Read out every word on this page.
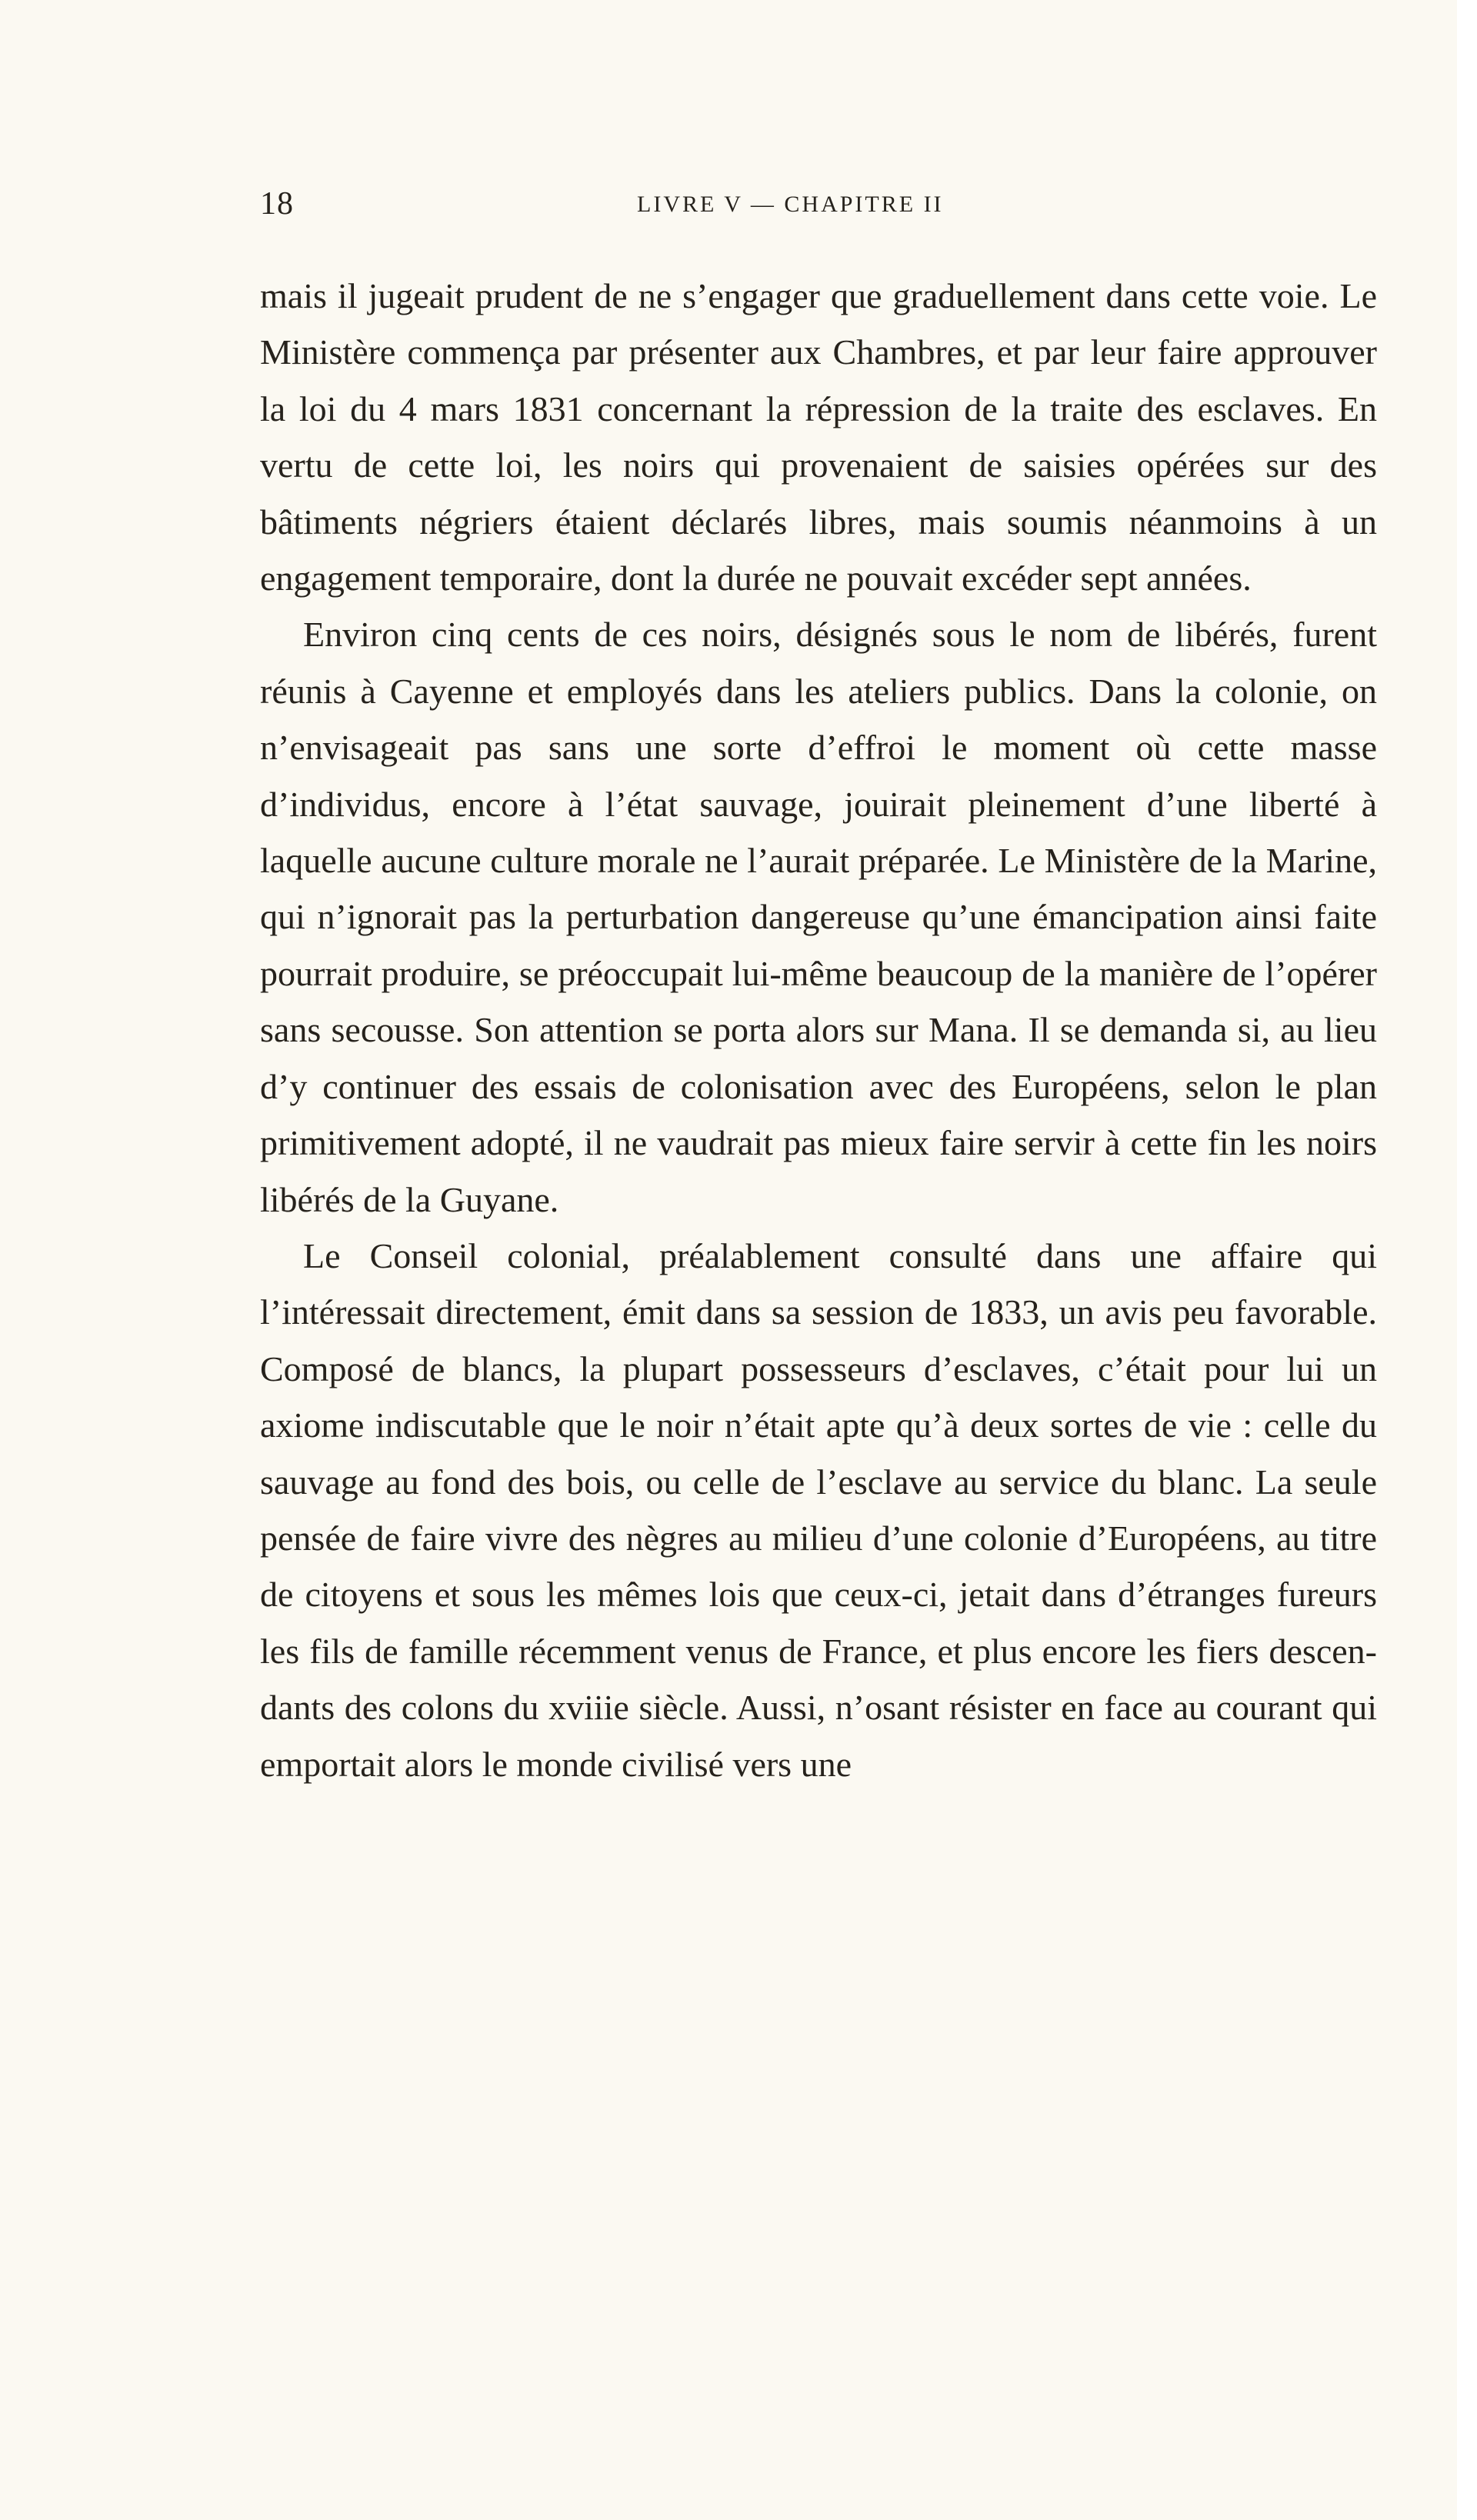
18	LIVRE V — CHAPITRE II

mais il jugeait prudent de ne s’engager que graduellement dans cette voie. Le Ministère commença par présenter aux Chambres, et par leur faire approuver la loi du 4 mars 1831 concernant la répression de la traite des esclaves. En vertu de cette loi, les noirs qui provenaient de saisies opérées sur des bâtiments négriers étaient déclarés libres, mais soumis néanmoins à un engagement temporaire, dont la durée ne pouvait excéder sept années.

Environ cinq cents de ces noirs, désignés sous le nom de libérés, furent réunis à Cayenne et employés dans les ateliers publics. Dans la colonie, on n’envisageait pas sans une sorte d’effroi le moment où cette masse d’individus, encore à l’état sauvage, jouirait pleinement d’une liberté à laquelle aucune culture morale ne l’aurait préparée. Le Ministère de la Marine, qui n’ignorait pas la perturbation dangereuse qu’une émancipation ainsi faite pourrait produire, se préoccupait lui-même beaucoup de la manière de l’opérer sans secousse. Son attention se porta alors sur Mana. Il se demanda si, au lieu d’y continuer des essais de colonisation avec des Européens, selon le plan primitivement adopté, il ne vaudrait pas mieux faire servir à cette fin les noirs libérés de la Guyane.

Le Conseil colonial, préalablement consulté dans une affaire qui l’intéressait directement, émit dans sa session de 1833, un avis peu favorable. Composé de blancs, la plupart possesseurs d’esclaves, c’était pour lui un axiome indiscutable que le noir n’était apte qu’à deux sortes de vie : celle du sauvage au fond des bois, ou celle de l’esclave au service du blanc. La seule pensée de faire vivre des nègres au milieu d’une colonie d’Européens, au titre de citoyens et sous les mêmes lois que ceux-ci, jetait dans d’étranges fureurs les fils de famille récemment venus de France, et plus encore les fiers descendants des colons du xviiie siècle. Aussi, n’osant résister en face au courant qui emportait alors le monde civilisé vers une
